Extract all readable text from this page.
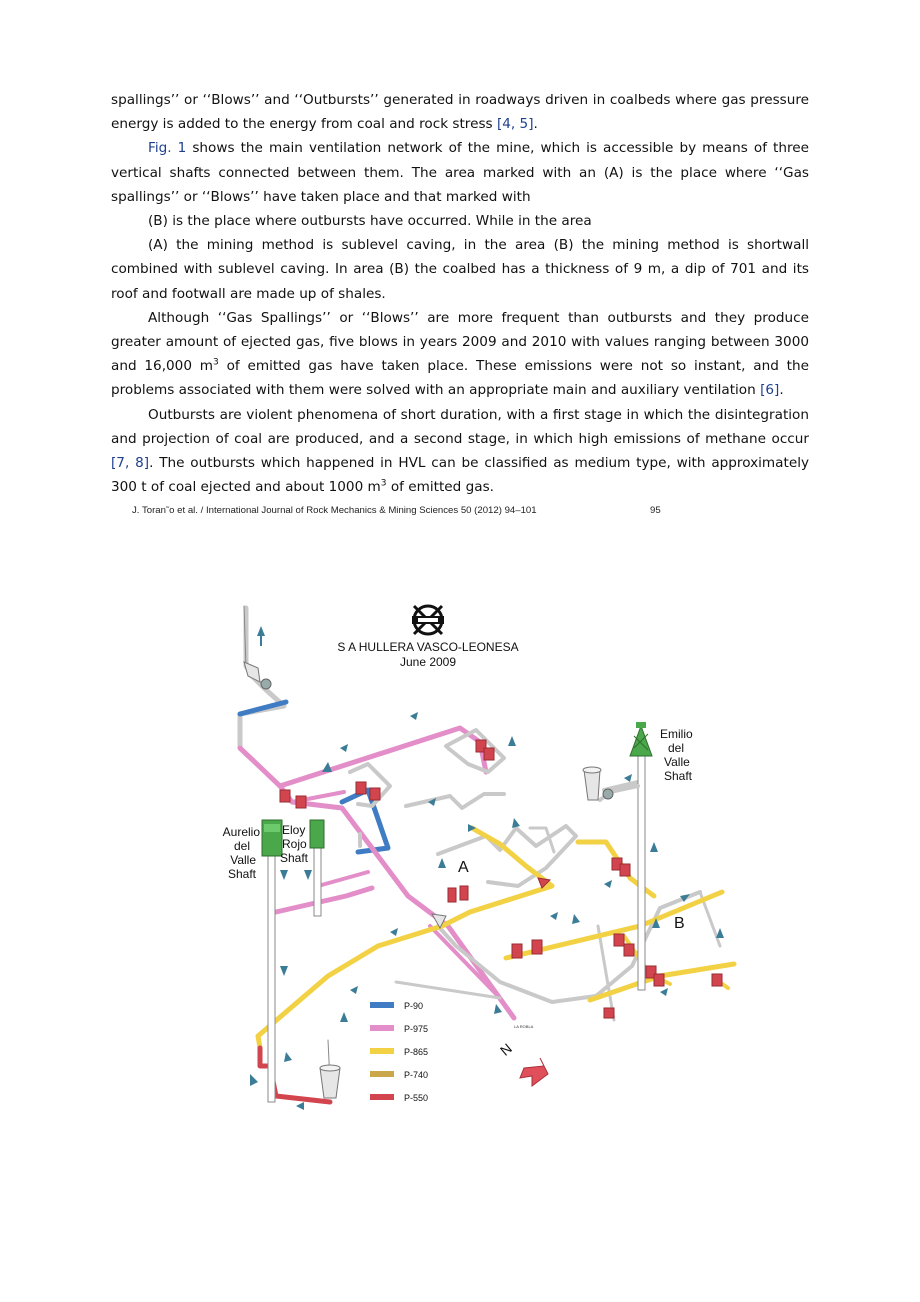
spallings’’ or ‘‘Blows’’ and ‘‘Outbursts’’ generated in roadways driven in coalbeds where gas pressure energy is added to the energy from coal and rock stress [4, 5].

Fig. 1 shows the main ventilation network of the mine, which is accessible by means of three vertical shafts connected between them. The area marked with an (A) is the place where ‘‘Gas spallings’’ or ‘‘Blows’’ have taken place and that marked with

(B) is the place where outbursts have occurred. While in the area

(A) the mining method is sublevel caving, in the area (B) the mining method is shortwall combined with sublevel caving. In area (B) the coalbed has a thickness of 9 m, a dip of 701 and its roof and footwall are made up of shales.

Although ‘‘Gas Spallings’’ or ‘‘Blows’’ are more frequent than outbursts and they produce greater amount of ejected gas, five blows in years 2009 and 2010 with values ranging between 3000 and 16,000 $m^3$ of emitted gas have taken place. These emissions were not so instant, and the problems associated with them were solved with an appropriate main and auxiliary ventilation [6].

Outbursts are violent phenomena of short duration, with a first stage in which the disintegration and projection of coal are produced, and a second stage, in which high emissions of methane occur [7, 8]. The outbursts which happened in HVL can be classified as medium type, with approximately 300 t of coal ejected and about 1000 $m^3$ of emitted gas.

J. Toran˜o et al. / International Journal of Rock Mechanics & Mining Sciences 50 (2012) 94–101	95
S A HULLERA VASCO-LEONESA
June 2009
Aurelio
del
Valle
Shaft
Eloy
Rojo
Shaft
Emilio
del
Valle
Shaft
A
B
LA ROBLA
P-90
P-975
P-865
P-740
P-550
N
